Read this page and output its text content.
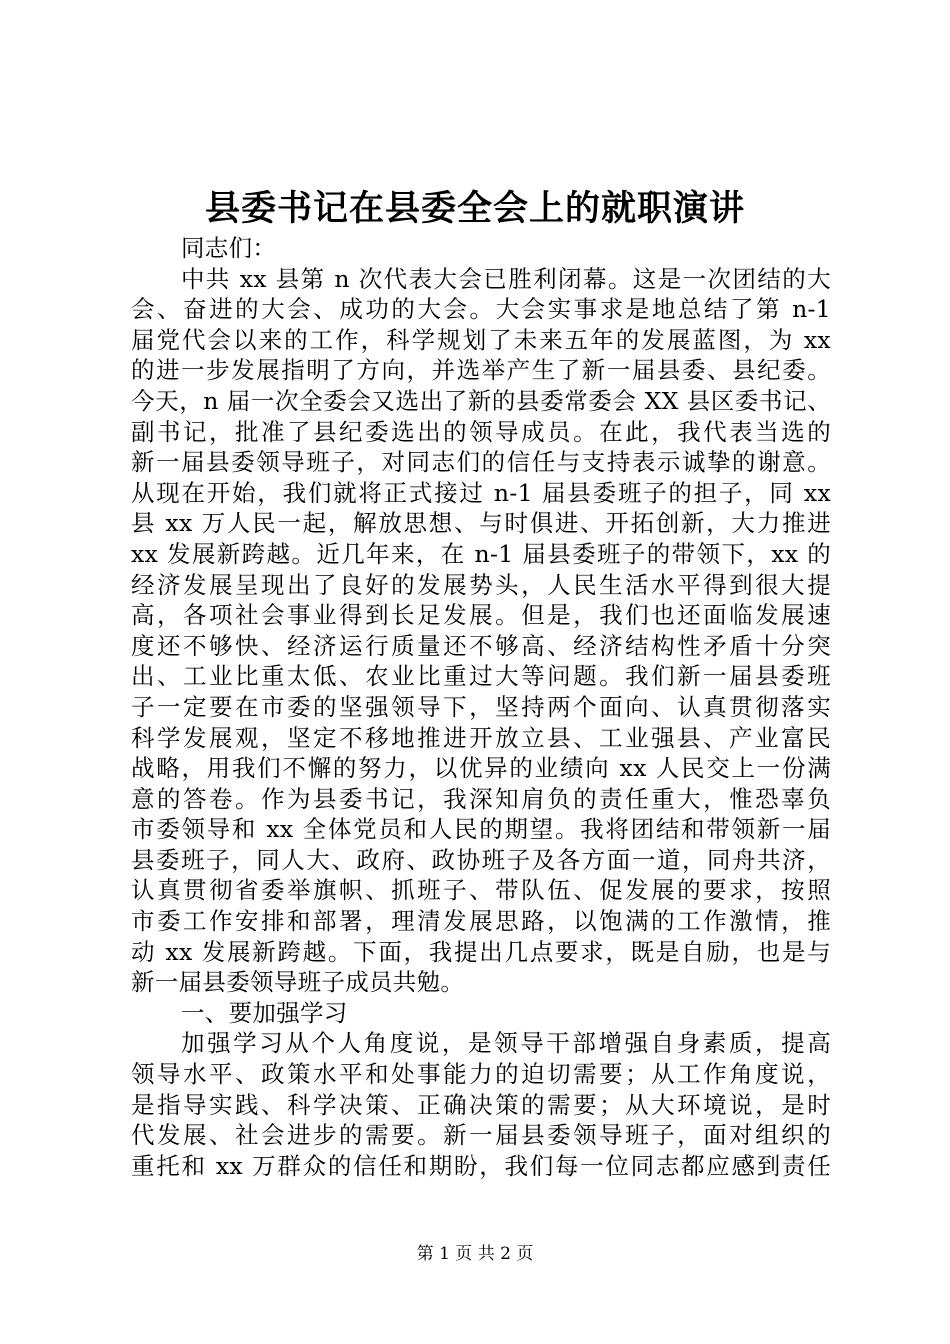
县委书记在县委全会上的就职演讲
同志们：
中共 xx 县第 n 次代表大会已胜利闭幕。这是一次团结的大
会、奋进的大会、成功的大会。大会实事求是地总结了第 n-1
届党代会以来的工作，科学规划了未来五年的发展蓝图，为 xx
的进一步发展指明了方向，并选举产生了新一届县委、县纪委。
今天，n 届一次全委会又选出了新的县委常委会 XX 县区委书记、
副书记，批准了县纪委选出的领导成员。在此，我代表当选的
新一届县委领导班子，对同志们的信任与支持表示诚挚的谢意。
从现在开始，我们就将正式接过 n-1 届县委班子的担子，同 xx
县 xx 万人民一起，解放思想、与时俱进、开拓创新，大力推进
xx 发展新跨越。近几年来，在 n-1 届县委班子的带领下，xx 的
经济发展呈现出了良好的发展势头，人民生活水平得到很大提
高，各项社会事业得到长足发展。但是，我们也还面临发展速
度还不够快、经济运行质量还不够高、经济结构性矛盾十分突
出、工业比重太低、农业比重过大等问题。我们新一届县委班
子一定要在市委的坚强领导下，坚持两个面向、认真贯彻落实
科学发展观，坚定不移地推进开放立县、工业强县、产业富民
战略，用我们不懈的努力，以优异的业绩向 xx 人民交上一份满
意的答卷。作为县委书记，我深知肩负的责任重大，惟恐辜负
市委领导和 xx 全体党员和人民的期望。我将团结和带领新一届
县委班子，同人大、政府、政协班子及各方面一道，同舟共济，
认真贯彻省委举旗帜、抓班子、带队伍、促发展的要求，按照
市委工作安排和部署，理清发展思路，以饱满的工作激情，推
动 xx 发展新跨越。下面，我提出几点要求，既是自励，也是与
新一届县委领导班子成员共勉。
一、要加强学习
加强学习从个人角度说，是领导干部增强自身素质，提高
领导水平、政策水平和处事能力的迫切需要；从工作角度说，
是指导实践、科学决策、正确决策的需要；从大环境说，是时
代发展、社会进步的需要。新一届县委领导班子，面对组织的
重托和 xx 万群众的信任和期盼，我们每一位同志都应感到责任
第 1 页 共 2 页
